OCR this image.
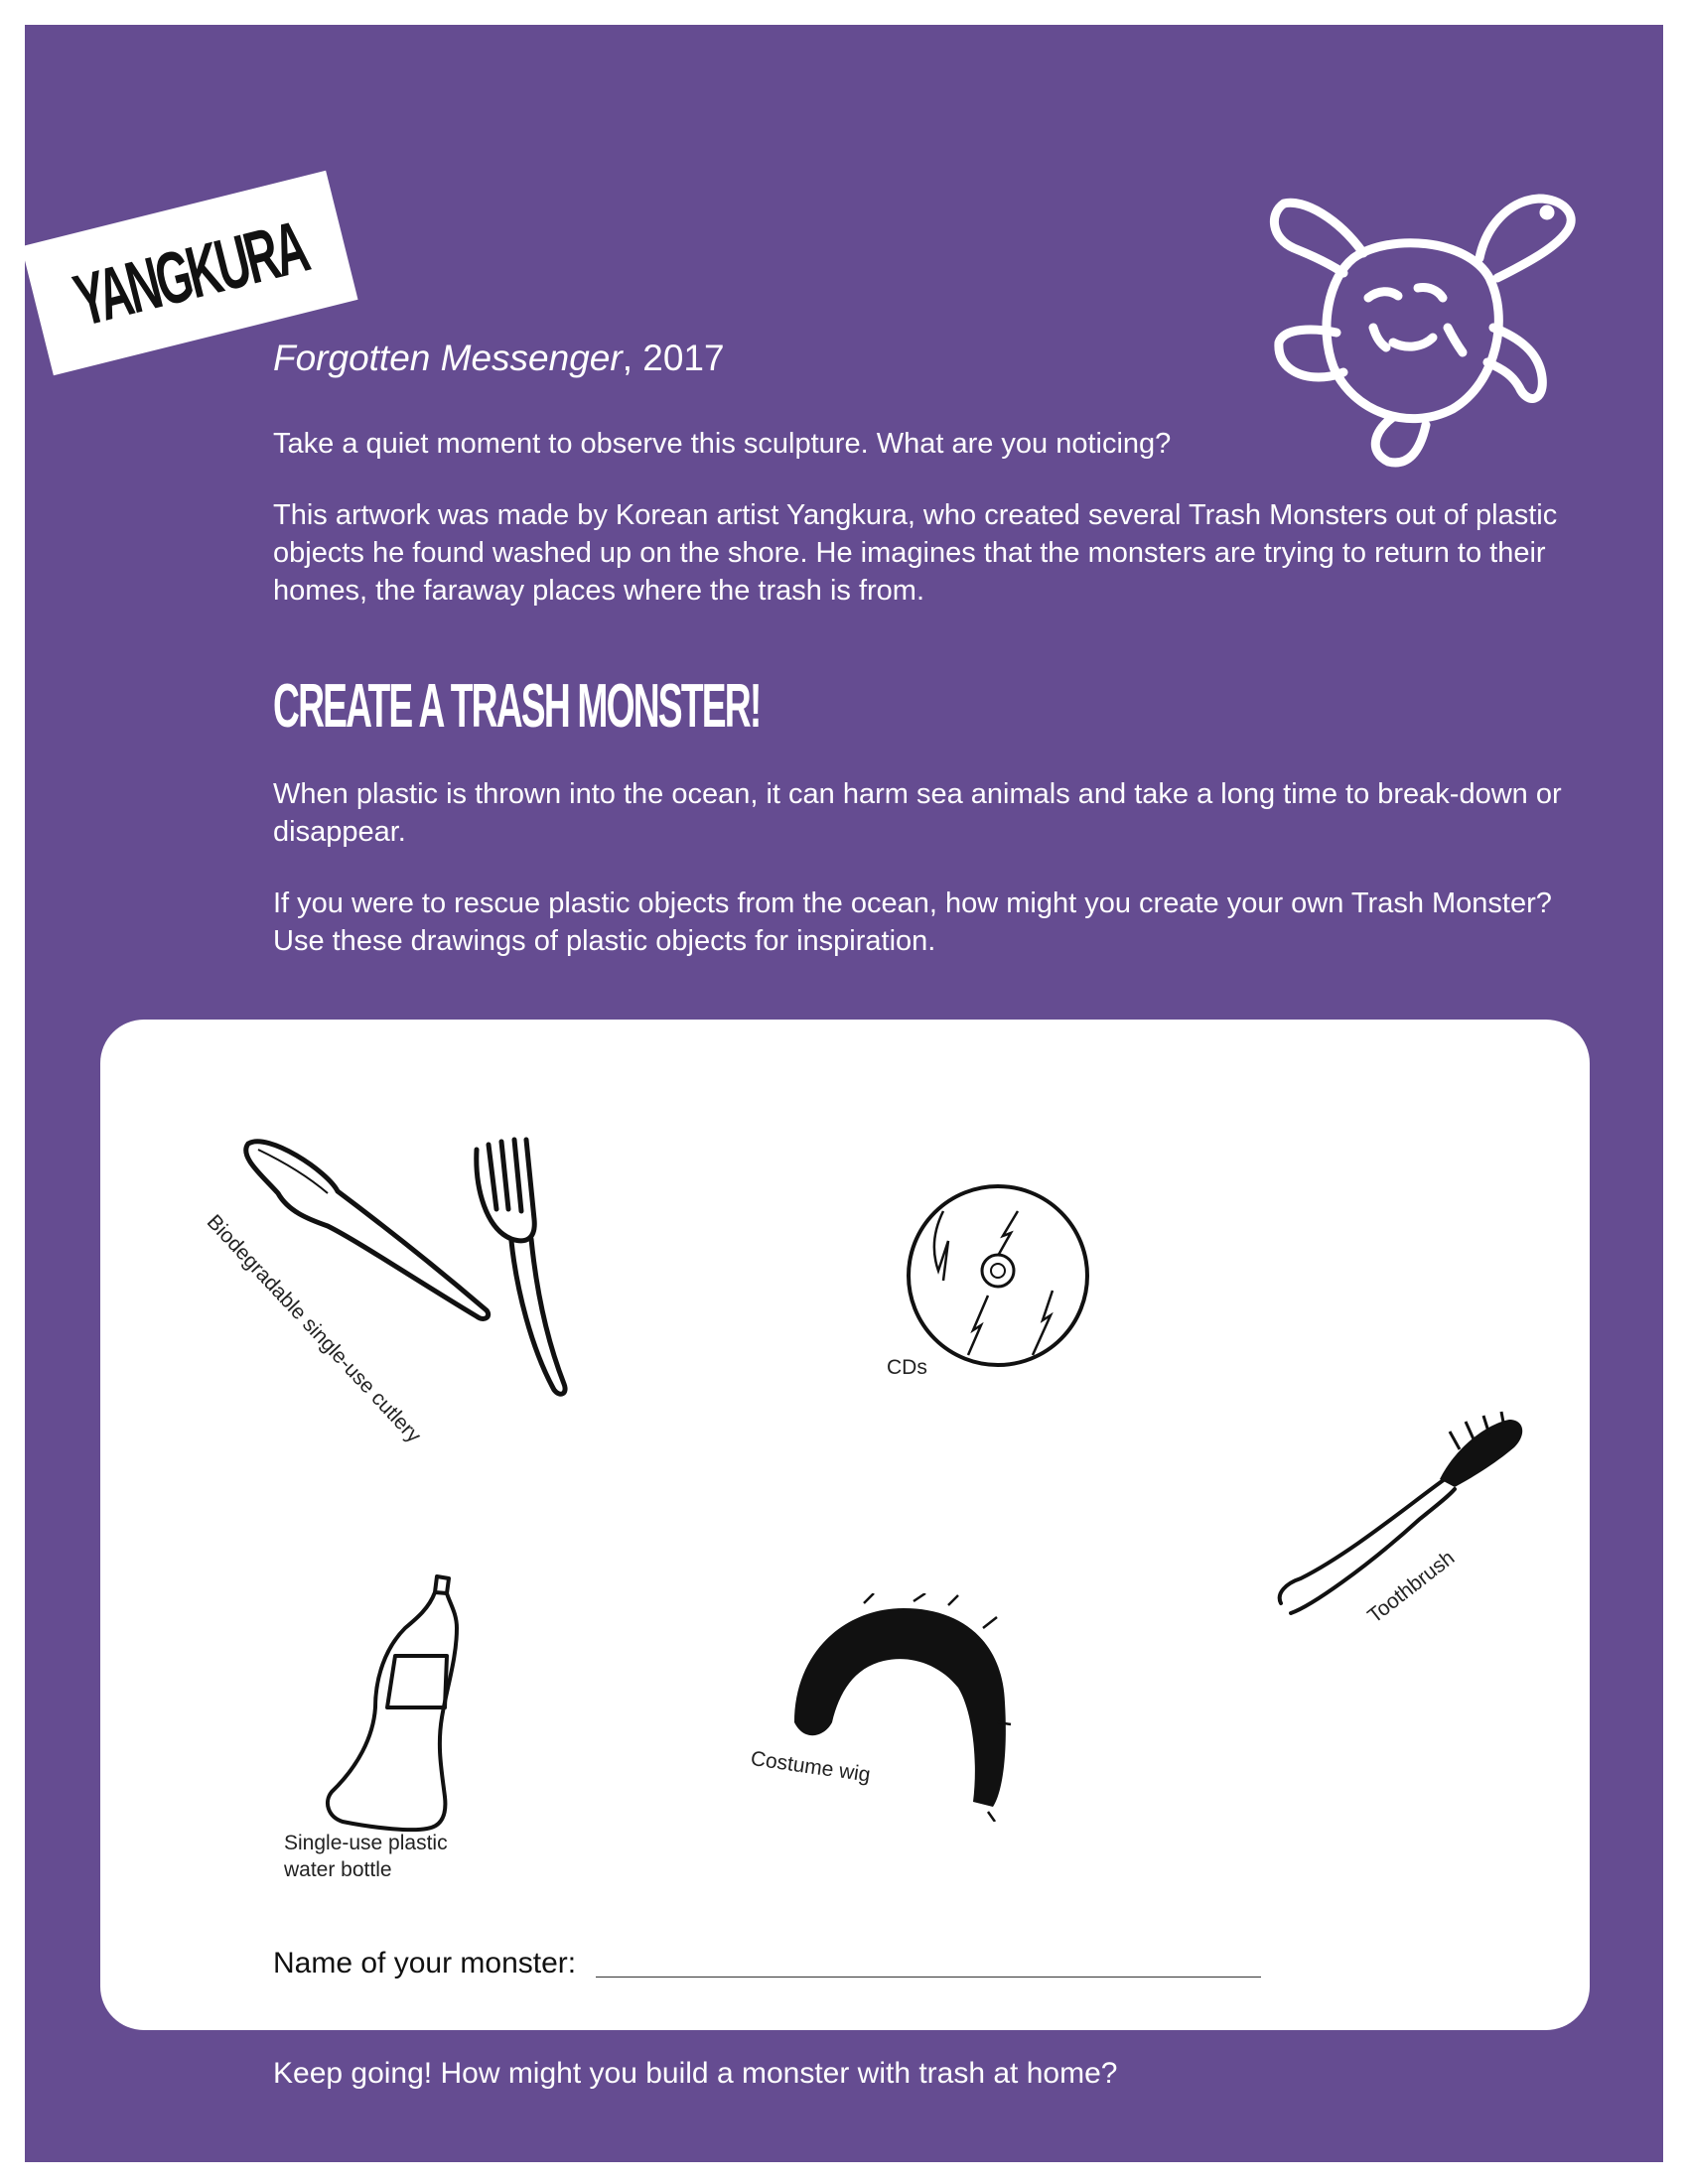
YANGKURA
Forgotten Messenger, 2017
Take a quiet moment to observe this sculpture. What are you noticing?
This artwork was made by Korean artist Yangkura, who created several Trash Monsters out of plastic objects he found washed up on the shore. He imagines that the monsters are trying to return to their homes, the faraway places where the trash is from.
CREATE A TRASH MONSTER!
When plastic is thrown into the ocean, it can harm sea animals and take a long time to break-down or disappear.
If you were to rescue plastic objects from the ocean, how might you create your own Trash Monster? Use these drawings of plastic objects for inspiration.
Biodegradable single-use cutlery	CDs
Toothbrush
Single-use plastic water bottle
Costume wig
Name of your monster:
Keep going! How might you build a monster with trash at home?
